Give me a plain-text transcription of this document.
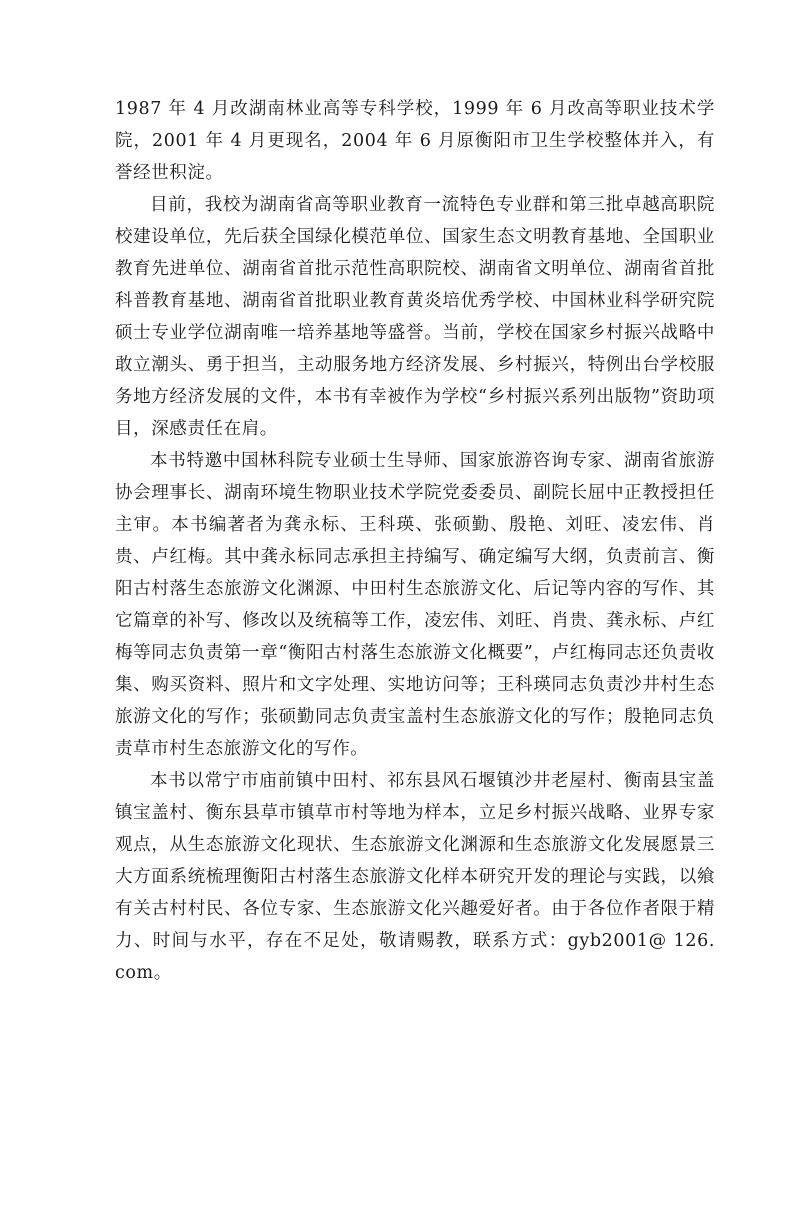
1987 年 4 月改湖南林业高等专科学校，1999 年 6 月改高等职业技术学院，2001 年 4 月更现名，2004 年 6 月原衡阳市卫生学校整体并入，有誉经世积淀。

目前，我校为湖南省高等职业教育一流特色专业群和第三批卓越高职院校建设单位，先后获全国绿化模范单位、国家生态文明教育基地、全国职业教育先进单位、湖南省首批示范性高职院校、湖南省文明单位、湖南省首批科普教育基地、湖南省首批职业教育黄炎培优秀学校、中国林业科学研究院硕士专业学位湖南唯一培养基地等盛誉。当前，学校在国家乡村振兴战略中敢立潮头、勇于担当，主动服务地方经济发展、乡村振兴，特例出台学校服务地方经济发展的文件，本书有幸被作为学校“乡村振兴系列出版物”资助项目，深感责任在肩。

本书特邀中国林科院专业硕士生导师、国家旅游咨询专家、湖南省旅游协会理事长、湖南环境生物职业技术学院党委委员、副院长屈中正教授担任主审。本书编著者为龚永标、王科瑛、张硕勤、殷艳、刘旺、凌宏伟、肖贵、卢红梅。其中龚永标同志承担主持编写、确定编写大纲，负责前言、衡阳古村落生态旅游文化渊源、中田村生态旅游文化、后记等内容的写作、其它篇章的补写、修改以及统稿等工作，凌宏伟、刘旺、肖贵、龚永标、卢红梅等同志负责第一章“衡阳古村落生态旅游文化概要”，卢红梅同志还负责收集、购买资料、照片和文字处理、实地访问等；王科瑛同志负责沙井村生态旅游文化的写作；张硕勤同志负责宝盖村生态旅游文化的写作；殷艳同志负责草市村生态旅游文化的写作。

本书以常宁市庙前镇中田村、祁东县风石堰镇沙井老屋村、衡南县宝盖镇宝盖村、衡东县草市镇草市村等地为样本，立足乡村振兴战略、业界专家观点，从生态旅游文化现状、生态旅游文化渊源和生态旅游文化发展愿景三大方面系统梳理衡阳古村落生态旅游文化样本研究开发的理论与实践，以飨有关古村村民、各位专家、生态旅游文化兴趣爱好者。由于各位作者限于精力、时间与水平，存在不足处，敬请赐教，联系方式：gyb2001@ 126. com。
